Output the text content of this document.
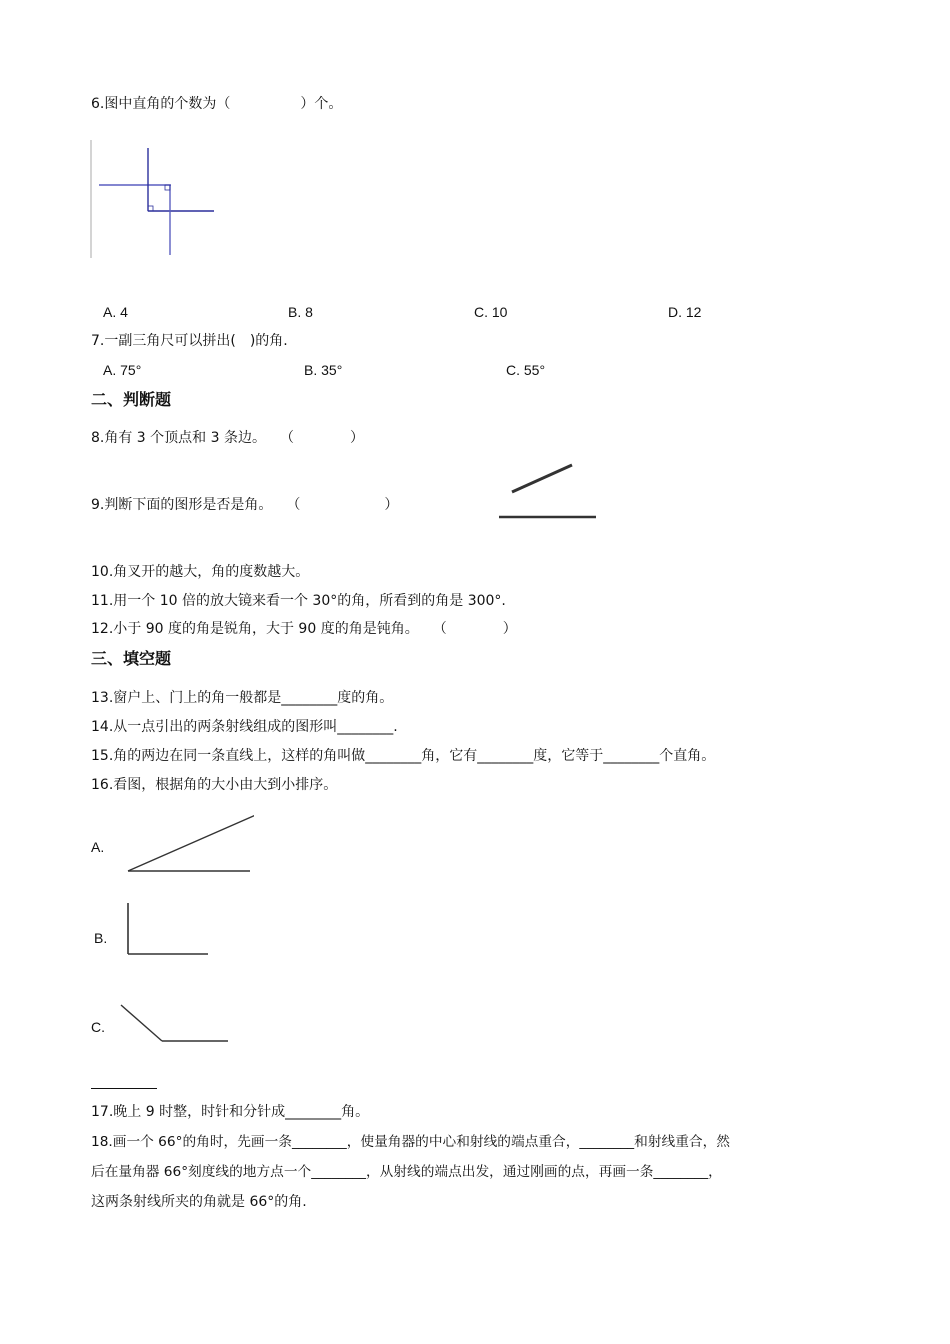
6.图中直角的个数为（　　　　　）个。
A. 4	B. 8	C. 10	D. 12
7.一副三角尺可以拼出(　)的角.
A. 75°	B. 35°	C. 55°
二、判断题
8.角有 3 个顶点和 3 条边。　　（　　　　）
9.判断下面的图形是否是角。　　（　　　　　　）
10.角叉开的越大，角的度数越大。
11.用一个 10 倍的放大镜来看一个 30°的角，所看到的角是 300°.
12.小于 90 度的角是锐角，大于 90 度的角是钝角。　　（　　　　）
三、填空题
13.窗户上、门上的角一般都是________度的角。
14.从一点引出的两条射线组成的图形叫________.
15.角的两边在同一条直线上，这样的角叫做________角，它有________度，它等于________个直角。
16.看图，根据角的大小由大到小排序。
A.
B.
C.
17.晚上 9 时整，时针和分针成________角。
18.画一个 66°的角时，先画一条________，使量角器的中心和射线的端点重合，________和射线重合，然
后在量角器 66°刻度线的地方点一个________，从射线的端点出发，通过刚画的点，再画一条________，
这两条射线所夹的角就是 66°的角.
